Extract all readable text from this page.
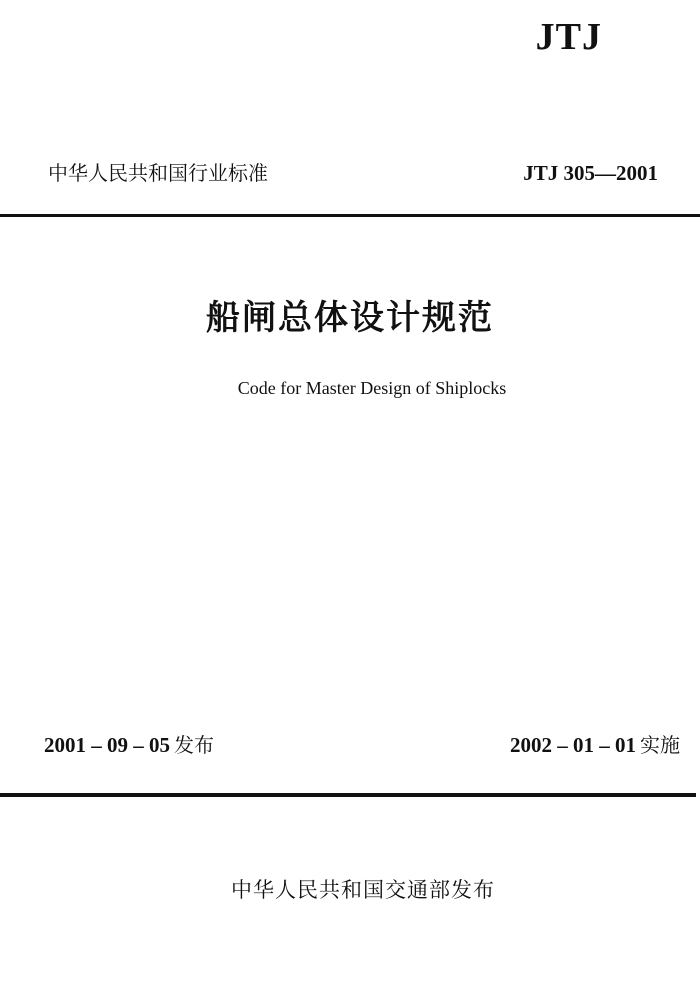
JTJ
中华人民共和国行业标准	JTJ 305—2001
船闸总体设计规范
Code for Master Design of Shiplocks
2001 – 09 – 05 发布	2002 – 01 – 01 实施
中华人民共和国交通部发布
